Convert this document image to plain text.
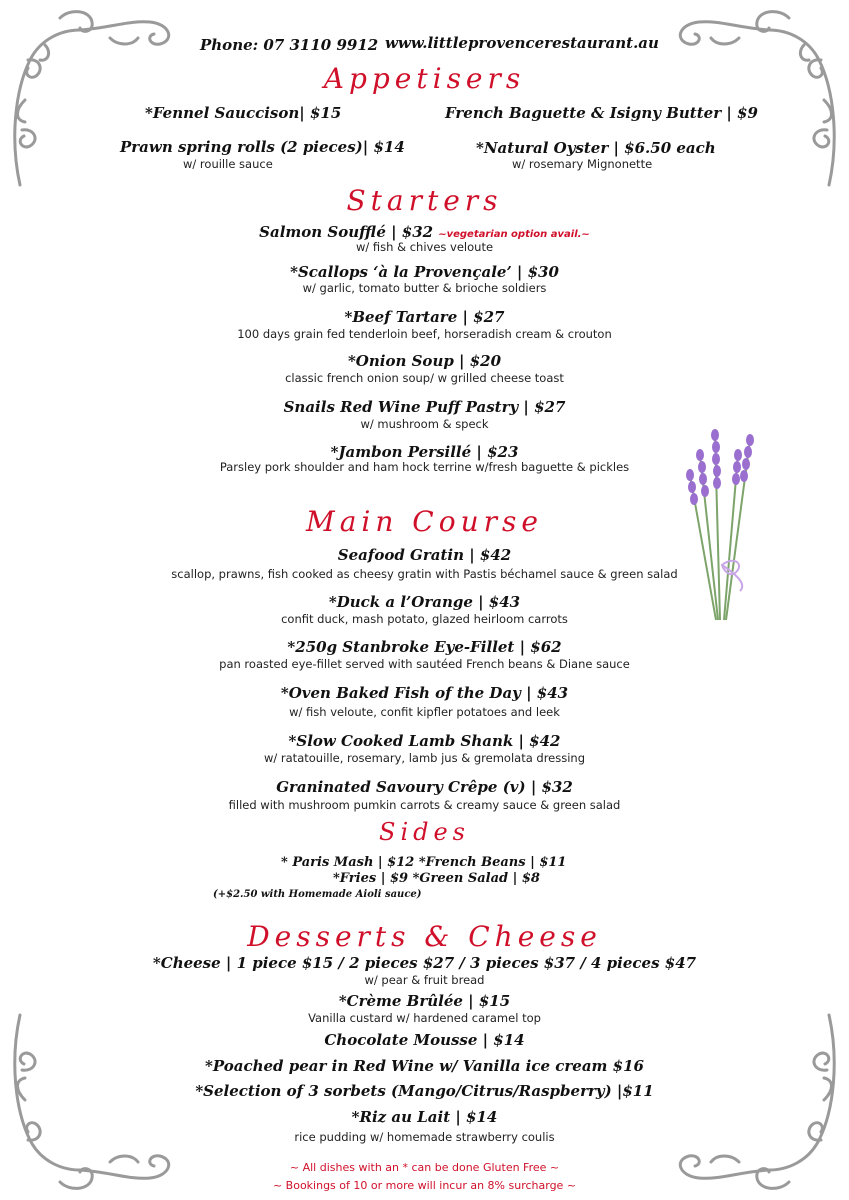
Phone: 07 3110 9912 www.littleprovencerestaurant.au
Appetisers
*Fennel Saucciso​n| $15	French Baguette & Isigny Butter | $9
Prawn spring rolls (2 pieces)| $14
w/ rouille sauce
*Natural Oyster | $6.50 each
w/ rosemary Mignonette
Starters
Salmon Soufflé | $32 ~vegetarian option avail.~
w/ fish & chives veloute
*Scallops ‘à la Provençale’ | $30
w/ garlic, tomato butter & brioche soldiers
*Beef Tartare | $27
100 days grain fed tenderloin beef, horseradish cream & crouton
*Onion Soup | $20
classic french onion soup/ w grilled cheese toast
Snails Red Wine Puff Pastry | $27
w/ mushroom & speck
*Jambon Persillé | $23
Parsley pork shoulder and ham hock terrine w/fresh baguette & pickles
Main Course
Seafood Gratin | $42
scallop, prawns, fish cooked as cheesy gratin with Pastis béchamel sauce & green salad
*Duck a l’Orange | $43
confit duck, mash potato, glazed heirloom carrots
*250g Stanbroke Eye-Fillet | $62
pan roasted eye-fillet served with sautéed French beans & Diane sauce
*Oven Baked Fish of the Day | $43
w/ fish veloute, confit kipfler potatoes and leek
*Slow Cooked Lamb Shank | $42
w/ ratatouille, rosemary, lamb jus & gremolata dressing
Graninated Savoury Crêpe (v) | $32
filled with mushroom pumkin carrots & creamy sauce & green salad
Sides
* Paris Mash | $12 *French Beans | $11
*Fries | $9 *Green Salad | $8
(+$2.50 with Homemade Aioli sauce)
Desserts & Cheese
*Cheese | 1 piece $15 / 2 pieces $27 / 3 pieces $37 / 4 pieces $47
w/ pear & fruit bread
*Crème Brûlée | $15
Vanilla custard w/ hardened caramel top
Chocolate Mousse | $14
*Poached pear in Red Wine w/ Vanilla ice cream $16
*Selection of 3 sorbets (Mango/Citrus/Raspberry) |$11
*Riz au Lait | $14
rice pudding w/ homemade strawberry coulis
~ All dishes with an * can be done Gluten Free ~
~ Bookings of 10 or more will incur an 8% surcharge ~
